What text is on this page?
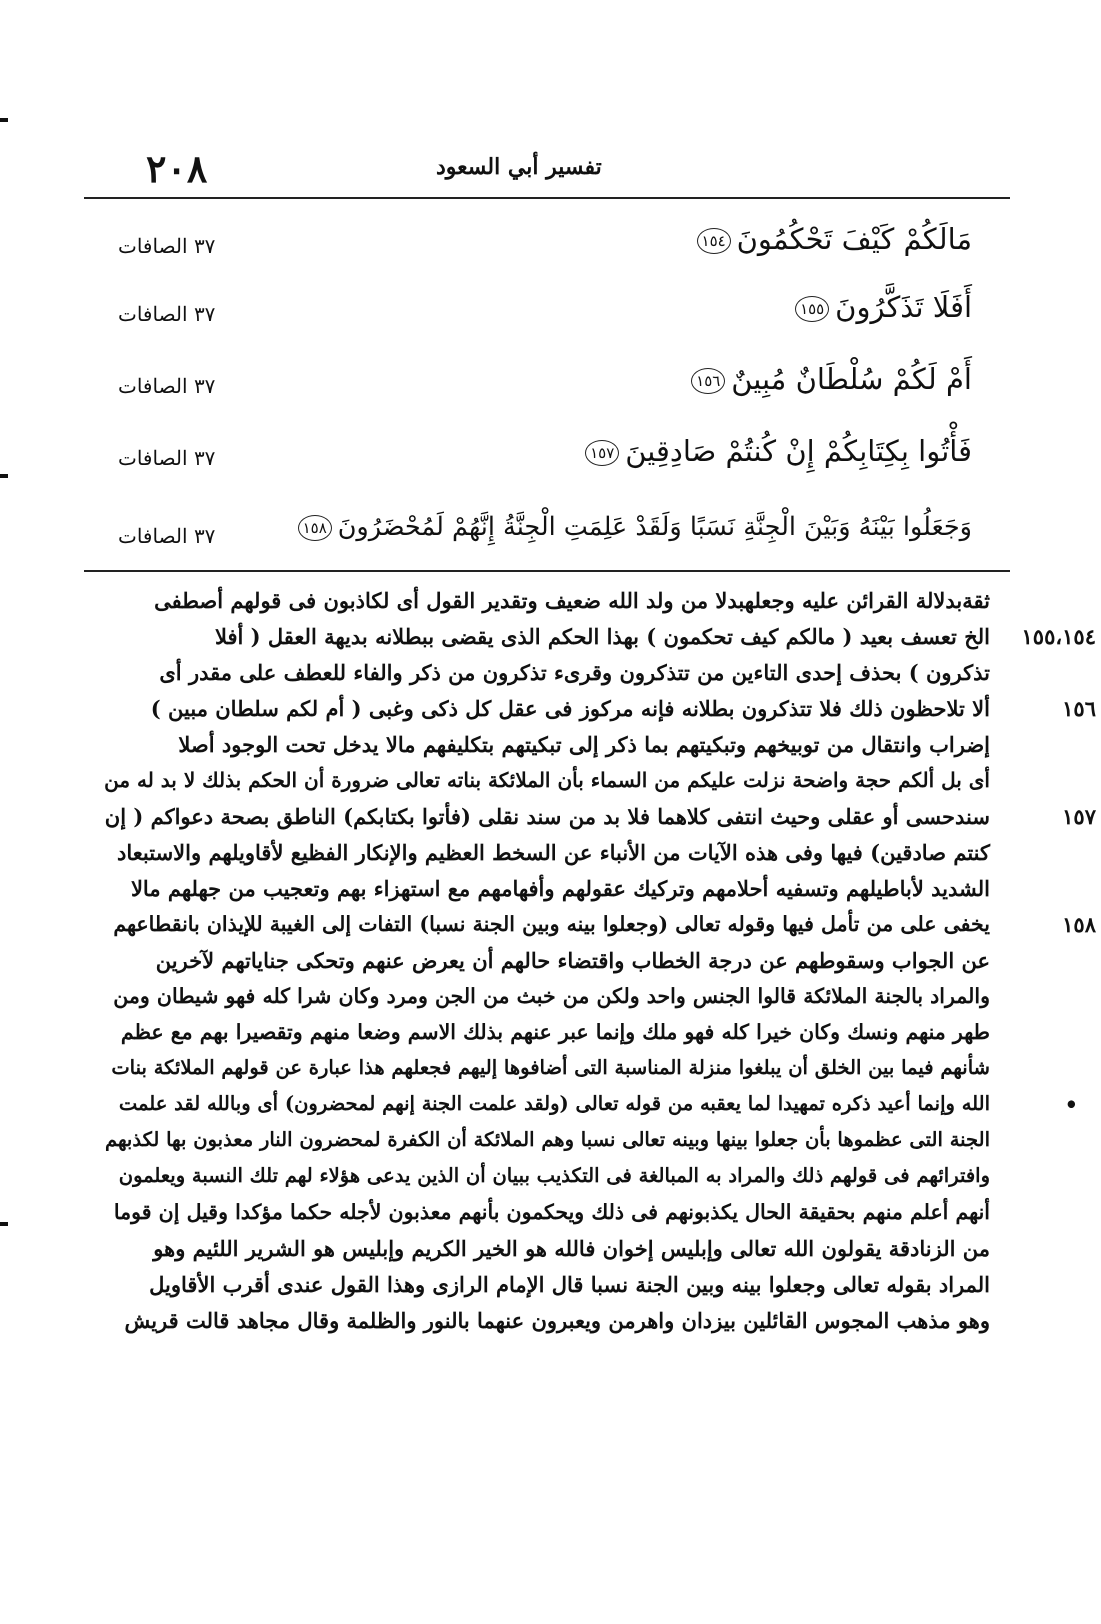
٢٠٨	تفسير أبي السعود
مَالَكُمْ كَيْفَ تَحْكُمُونَ١٥٤
٣٧ الصافات
أَفَلَا تَذَكَّرُونَ١٥٥
٣٧ الصافات
أَمْ لَكُمْ سُلْطَانٌ مُبِينٌ١٥٦
٣٧ الصافات
فَأْتُوا بِكِتَابِكُمْ إِنْ كُنتُمْ صَادِقِينَ١٥٧
٣٧ الصافات
وَجَعَلُوا بَيْنَهُ وَبَيْنَ الْجِنَّةِ نَسَبًا وَلَقَدْ عَلِمَتِ الْجِنَّةُ إِنَّهُمْ لَمُحْضَرُونَ١٥٨
٣٧ الصافات
ثقةبدلالة القرائن عليه وجعلهبدلا من ولد الله ضعيف وتقدير القول أى لكاذبون فى قولهم أصطفى
١٥٥،١٥٤
الخ تعسف بعيد ( مالكم كيف تحكمون ) بهذا الحكم الذى يقضى ببطلانه بديهة العقل ( أفلا
تذكرون ) بحذف إحدى التاءين من تتذكرون وقرىء تذكرون من ذكر والفاء للعطف على مقدر أى
١٥٦
ألا تلاحظون ذلك فلا تتذكرون بطلانه فإنه مركوز فى عقل كل ذكى وغبى ( أم لكم سلطان مبين )
إضراب وانتقال من توبيخهم وتبكيتهم بما ذكر إلى تبكيتهم بتكليفهم مالا يدخل تحت الوجود أصلا
أى بل ألكم حجة واضحة نزلت عليكم من السماء بأن الملائكة بناته تعالى ضرورة أن الحكم بذلك لا بد له من
١٥٧
سندحسى أو عقلى وحيث انتفى كلاهما فلا بد من سند نقلى (فأتوا بكتابكم) الناطق بصحة دعواكم ( إن
كنتم صادقين) فيها وفى هذه الآيات من الأنباء عن السخط العظيم والإنكار الفظيع لأقاويلهم والاستبعاد
الشديد لأباطيلهم وتسفيه أحلامهم وتركيك عقولهم وأفهامهم مع استهزاء بهم وتعجيب من جهلهم مالا
١٥٨
يخفى على من تأمل فيها وقوله تعالى (وجعلوا بينه وبين الجنة نسبا) التفات إلى الغيبة للإيذان بانقطاعهم
عن الجواب وسقوطهم عن درجة الخطاب واقتضاء حالهم أن يعرض عنهم وتحكى جناياتهم لآخرين
والمراد بالجنة الملائكة قالوا الجنس واحد ولكن من خبث من الجن ومرد وكان شرا كله فهو شيطان ومن
طهر منهم ونسك وكان خيرا كله فهو ملك وإنما عبر عنهم بذلك الاسم وضعا منهم وتقصيرا بهم مع عظم
شأنهم فيما بين الخلق أن يبلغوا منزلة المناسبة التى أضافوها إليهم فجعلهم هذا عبارة عن قولهم الملائكة بنات
•
الله وإنما أعيد ذكره تمهيدا لما يعقبه من قوله تعالى (ولقد علمت الجنة إنهم لمحضرون) أى وبالله لقد علمت
الجنة التى عظموها بأن جعلوا بينها وبينه تعالى نسبا وهم الملائكة أن الكفرة لمحضرون النار معذبون بها لكذبهم
وافترائهم فى قولهم ذلك والمراد به المبالغة فى التكذيب ببيان أن الذين يدعى هؤلاء لهم تلك النسبة ويعلمون
أنهم أعلم منهم بحقيقة الحال يكذبونهم فى ذلك ويحكمون بأنهم معذبون لأجله حكما مؤكدا وقيل إن قوما
من الزنادقة يقولون الله تعالى وإبليس إخوان فالله هو الخير الكريم وإبليس هو الشرير اللئيم وهو
المراد بقوله تعالى وجعلوا بينه وبين الجنة نسبا قال الإمام الرازى وهذا القول عندى أقرب الأقاويل
وهو مذهب المجوس القائلين بيزدان واهرمن ويعبرون عنهما بالنور والظلمة وقال مجاهد قالت قريش
